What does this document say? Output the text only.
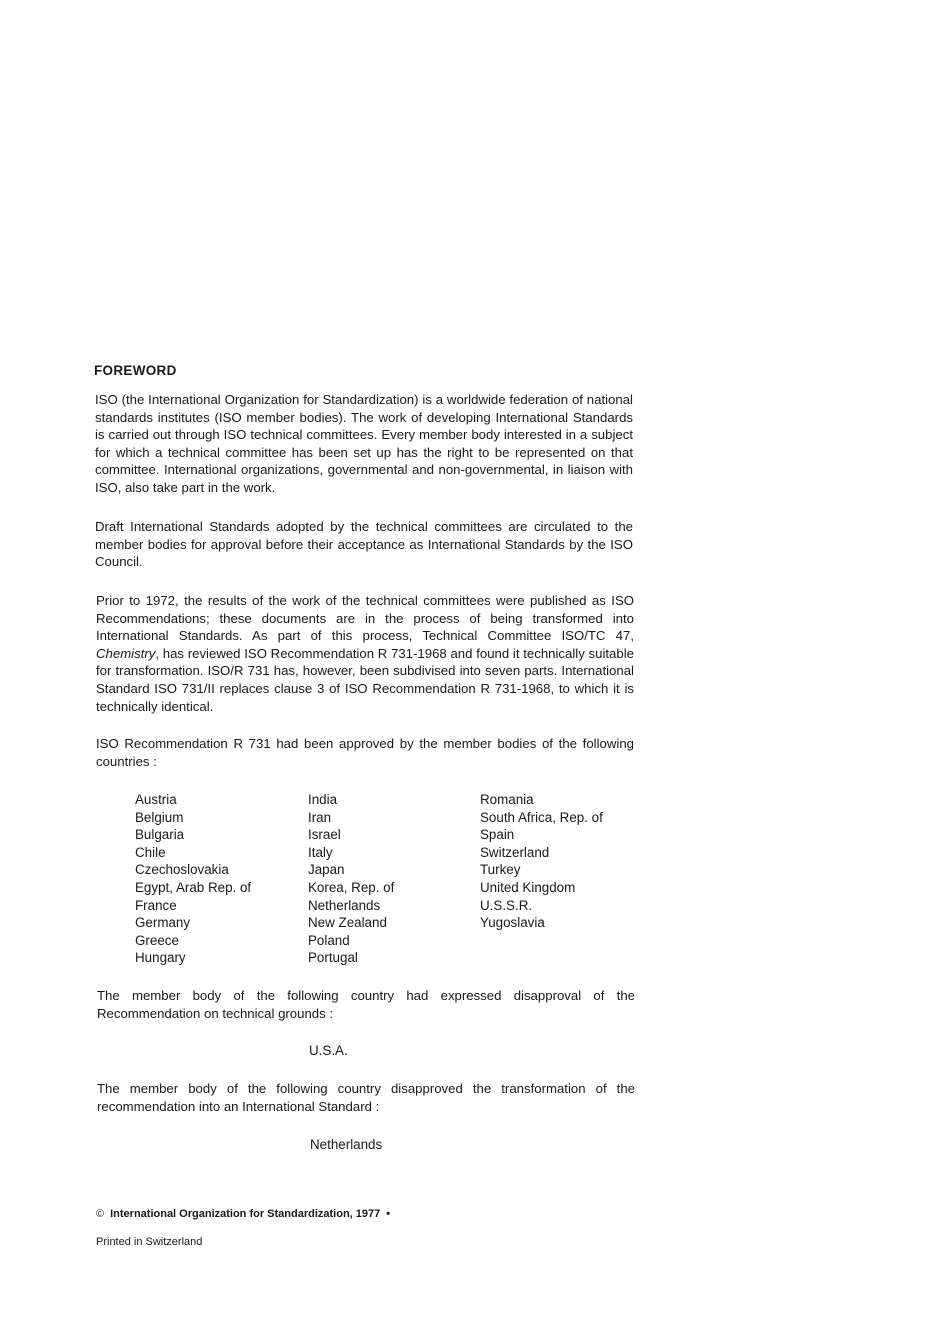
FOREWORD
ISO (the International Organization for Standardization) is a worldwide federation of national standards institutes (ISO member bodies). The work of developing International Standards is carried out through ISO technical committees. Every member body interested in a subject for which a technical committee has been set up has the right to be represented on that committee. International organizations, governmental and non-governmental, in liaison with ISO, also take part in the work.
Draft International Standards adopted by the technical committees are circulated to the member bodies for approval before their acceptance as International Standards by the ISO Council.
Prior to 1972, the results of the work of the technical committees were published as ISO Recommendations; these documents are in the process of being transformed into International Standards. As part of this process, Technical Committee ISO/TC 47, Chemistry, has reviewed ISO Recommendation R 731-1968 and found it technically suitable for transformation. ISO/R 731 has, however, been subdivised into seven parts. International Standard ISO 731/II replaces clause 3 of ISO Recommendation R 731-1968, to which it is technically identical.
ISO Recommendation R 731 had been approved by the member bodies of the following countries :
Austria
Belgium
Bulgaria
Chile
Czechoslovakia
Egypt, Arab Rep. of
France
Germany
Greece
Hungary
India
Iran
Israel
Italy
Japan
Korea, Rep. of
Netherlands
New Zealand
Poland
Portugal
Romania
South Africa, Rep. of
Spain
Switzerland
Turkey
United Kingdom
U.S.S.R.
Yugoslavia
The member body of the following country had expressed disapproval of the Recommendation on technical grounds :
U.S.A.
The member body of the following country disapproved the transformation of the recommendation into an International Standard :
Netherlands
© International Organization for Standardization, 1977 •
Printed in Switzerland
